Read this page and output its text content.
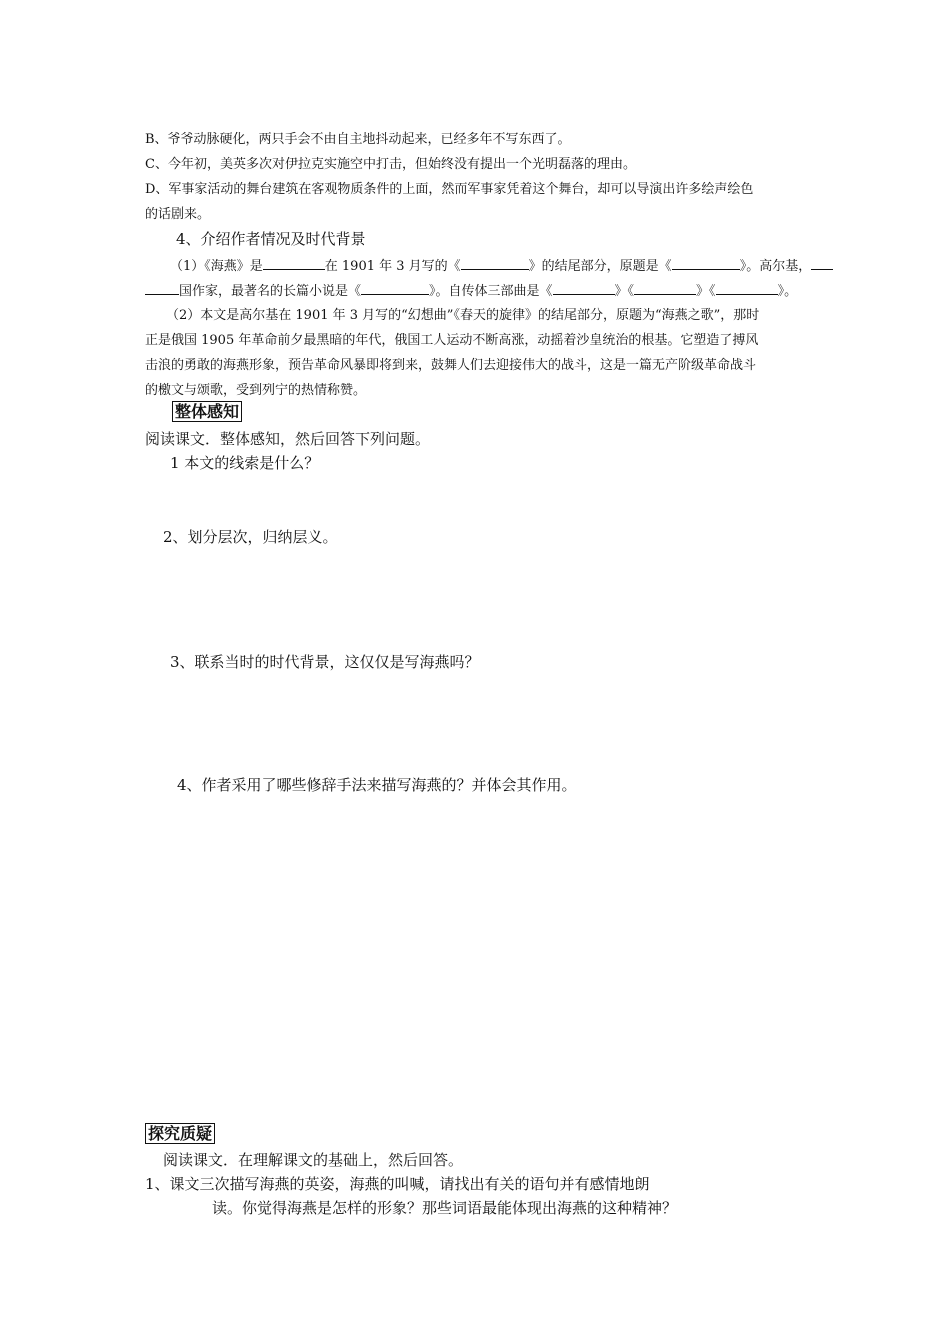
B、爷爷动脉硬化，两只手会不由自主地抖动起来，已经多年不写东西了。
C、今年初，美英多次对伊拉克实施空中打击，但始终没有提出一个光明磊落的理由。
D、军事家活动的舞台建筑在客观物质条件的上面，然而军事家凭着这个舞台，却可以导演出许多绘声绘色
的话剧来。
4、介绍作者情况及时代背景
（1）《海燕》是	在 1901 年 3 月写的《	》的结尾部分，原题是《	》。高尔基，
国作家，最著名的长篇小说是《	》。自传体三部曲是《	》《	》《	》。
（2）本文是高尔基在 1901 年 3 月写的“幻想曲”《春天的旋律》的结尾部分，原题为“海燕之歌”，那时
正是俄国 1905 年革命前夕最黑暗的年代，俄国工人运动不断高涨，动摇着沙皇统治的根基。它塑造了搏风
击浪的勇敢的海燕形象，预告革命风暴即将到来，鼓舞人们去迎接伟大的战斗，这是一篇无产阶级革命战斗
的檄文与颂歌，受到列宁的热情称赞。
整体感知
阅读课文．整体感知，然后回答下列问题。
1 本文的线索是什么？
2、划分层次，归纳层义。
3、联系当时的时代背景，这仅仅是写海燕吗？
4、作者采用了哪些修辞手法来描写海燕的？并体会其作用。
探究质疑
阅读课文．在理解课文的基础上，然后回答。
1、课文三次描写海燕的英姿，海燕的叫喊，请找出有关的语句并有感情地朗
读。你觉得海燕是怎样的形象？那些词语最能体现出海燕的这种精神？
